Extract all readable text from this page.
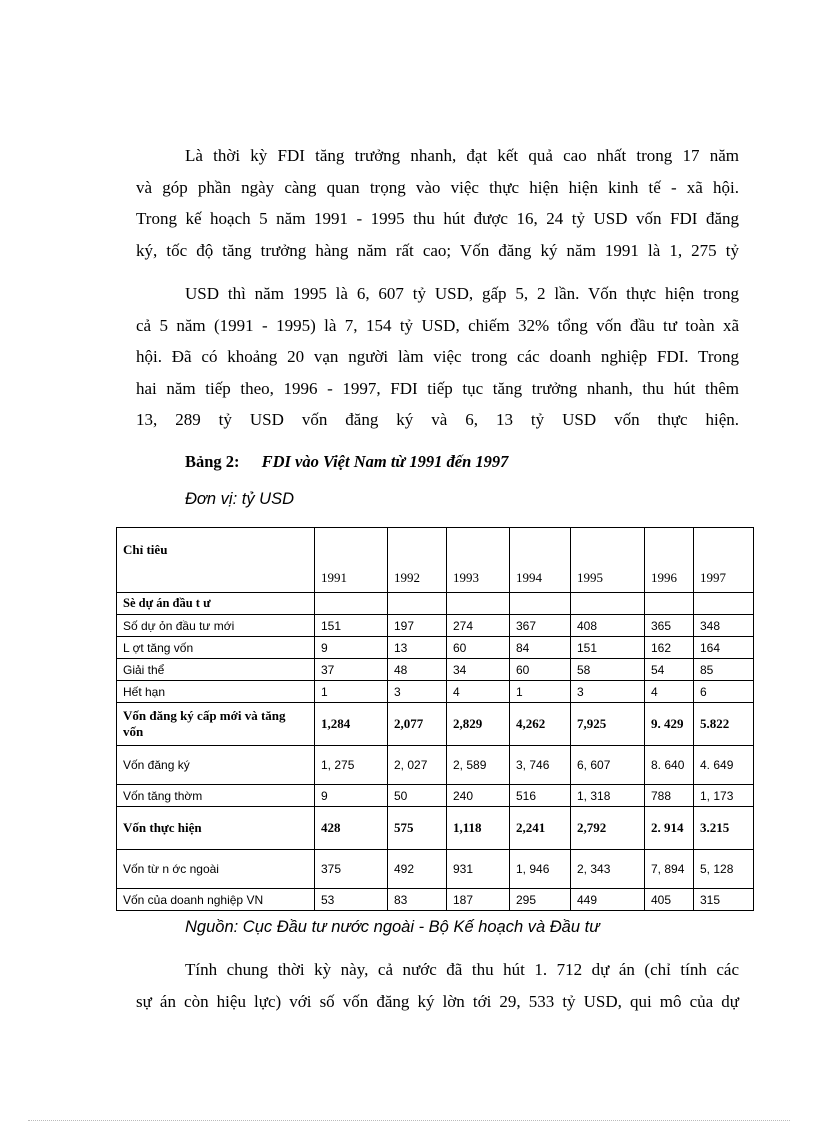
Là thời kỳ FDI tăng trưởng nhanh, đạt kết quả cao nhất trong 17 năm
và góp phần ngày càng quan trọng vào việc thực hiện hiện kinh tế - xã hội.
Trong kế hoạch 5 năm 1991 - 1995 thu hút được 16, 24 tỷ USD vốn FDI đăng
ký, tốc độ tăng trưởng hàng năm rất cao; Vốn đăng ký năm 1991 là 1, 275 tỷ
USD thì năm 1995 là 6, 607 tỷ USD, gấp 5, 2 lần. Vốn thực hiện trong
cả 5 năm (1991 - 1995) là 7, 154 tỷ USD, chiếm 32% tổng vốn đầu tư toàn xã
hội. Đã có khoảng 20 vạn người làm việc trong các doanh nghiệp FDI. Trong
hai năm tiếp theo, 1996 - 1997, FDI tiếp tục tăng trưởng nhanh, thu hút thêm
13, 289 tỷ USD vốn đăng ký và 6, 13 tỷ USD vốn thực hiện.
Bảng 2: FDI vào Việt Nam từ 1991 đến 1997
Đơn vị: tỷ USD
Chỉ tiêu	1991	1992	1993	1994	1995	1996	1997
Sè dự án đầu t ư							
Số dự ỏn đầu tư mới	151	197	274	367	408	365	348
L ợt tăng vốn	9	13	60	84	151	162	164
Giải thể	37	48	34	60	58	54	85
Hết hạn	1	3	4	1	3	4	6
Vốn đăng ký cấp mới và tăng vốn	1,284	2,077	2,829	4,262	7,925	9. 429	5.822
Vốn đăng ký	1, 275	2, 027	2, 589	3, 746	6, 607	8. 640	4. 649
Vốn tăng thờm	9	50	240	516	1, 318	788	1, 173
Vốn thực hiện	428	575	1,118	2,241	2,792	2. 914	3.215
Vốn từ n ớc ngoài	375	492	931	1, 946	2, 343	7, 894	5, 128
Vốn của doanh nghiệp VN	53	83	187	295	449	405	315
Nguồn: Cục Đầu tư nước ngoài - Bộ Kế hoạch và Đầu tư
Tính chung thời kỳ này, cả nước đã thu hút 1. 712 dự án (chỉ tính các
sự án còn hiệu lực) với số vốn đăng ký lờn tới 29, 533 tỷ USD, qui mô của dự
